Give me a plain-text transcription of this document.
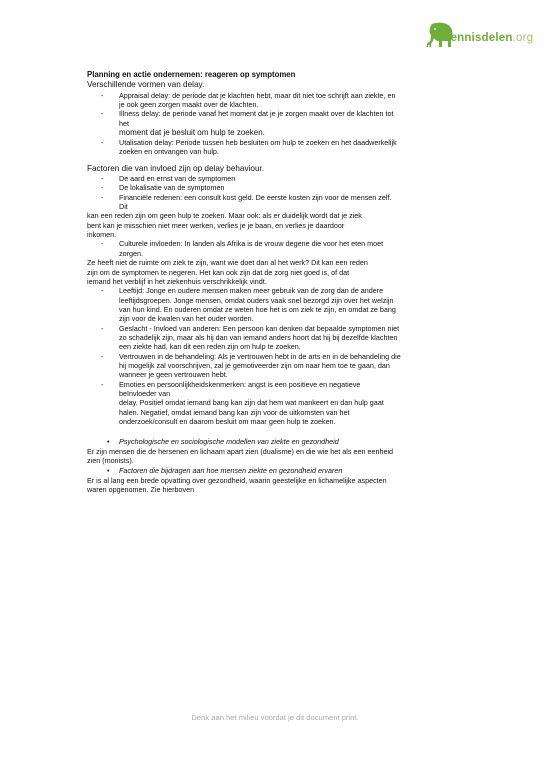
Kennisdelen.org
Planning en actie ondernemen: reageren op symptomen
Verschillende vormen van delay.
- Appraisal delay: de periode dat je klachten hebt, maar dit niet toe schrijft aan ziekte, en
je ook geen zorgen maakt over de klachten.
- Illness delay: de periode vanaf het moment dat je je zorgen maakt over de klachten tot
het
moment dat je besluit om hulp te zoeken.
- Utalisation delay: Periode tussen heb besluiten om hulp te zoeken en het daadwerkelijk
zoeken en ontvangen van hulp.
Factoren die van invloed zijn op delay behaviour.
- De aard en ernst van de symptomen
- De lokalisatie van de symptomen
- Financiële redenen: een consult kost geld. De eerste kosten zijn voor de mensen zelf.
Dit
kan een reden zijn om geen hulp te zoeken. Maar ook: als er duidelijk wordt dat je ziek
bent kan je misschien niet meer werken, verlies je je baan, en verlies je daardoor
inkomen.
- Culturele invloeden: In landen als Afrika is de vrouw degene die voor het eten moet
zorgen.
Ze heeft niet de ruimte om ziek te zijn, want wie doet dan al het werk? Dit kan een reden
zijn om de symptomen te negeren. Het kan ook zijn dat de zorg niet goed is, of dat
iemand het verblijf in het ziekenhuis verschrikkelijk vindt.
- Leeftijd: Jonge en oudere mensen maken meer gebruik van de zorg dan de andere
leeftijdsgroepen. Jonge mensen, omdat ouders vaak snel bezorgd zijn over het welzijn
van hun kind. En ouderen omdat ze weten hoe het is om ziek te zijn, en omdat ze bang
zijn voor de kwalen van het ouder worden.
- Geslacht - Invloed van anderen: Een persoon kan denken dat bepaalde symptomen niet
zo schadelijk zijn, maar als hij dan van iemand anders hoort dat hij bij dezelfde klachten
een ziekte had, kan dit een reden zijn om hulp te zoeken.
- Vertrouwen in de behandeling: Als je vertrouwen hebt in de arts en in de behandeling die
hij mogelijk zal voorschrijven, zal je gemotiveerder zijn om naar hem toe te gaan, dan
wanneer je geen vertrouwen hebt.
- Emoties en persoonlijkheidskenmerken: angst is een positieve en negatieve
beïnvloeder van
delay. Positief omdat iemand bang kan zijn dat hem wat mankeert en dan hulp gaat
halen. Negatief, omdat iemand bang kan zijn voor de uitkomsten van het
onderzoek/consult en daarom besluit om maar geen hulp te zoeken.
• Psychologische en sociologische modellen van ziekte en gezondheid
Er zijn mensen die de hersenen en lichaam apart zien (dualisme) en die wie het als een eenheid
zien (monists).
• Factoren die bijdragen aan hoe mensen ziekte en gezondheid ervaren
Er is al lang een brede opvatting over gezondheid, waarin geestelijke en lichamelijke aspecten
waren opgenomen. Zie hierboven
Denk aan het milieu voordat je dit document print.
